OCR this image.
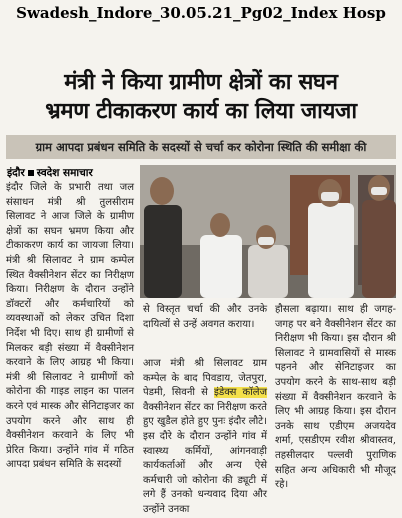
Swadesh_Indore_30.05.21_Pg02_Index Hosp
मंत्री ने किया ग्रामीण क्षेत्रों का सघन
भ्रमण टीकाकरण कार्य का लिया जायजा
ग्राम आपदा प्रबंधन समिति के सदस्यों से चर्चा कर कोरोना स्थिति की समीक्षा की
इंदौर स्वदेश समाचार
इंदौर जिले के प्रभारी तथा जल संसाधन मंत्री श्री तुलसीराम सिलावट ने आज जिले के ग्रामीण क्षेत्रों का सघन भ्रमण किया और टीकाकरण कार्य का जायजा लिया। मंत्री श्री सिलावट ने ग्राम कम्पेल स्थित वैक्सीनेशन सेंटर का निरीक्षण किया। निरीक्षण के दौरान उन्होंने डॉक्टरों और कर्मचारियों को व्यवस्थाओं को लेकर उचित दिशा निर्देश भी दिए। साथ ही ग्रामीणों से मिलकर बड़ी संख्या में वैक्सीनेशन करवाने के लिए आग्रह भी किया। मंत्री श्री सिलावट ने ग्रामीणों को कोरोना की गाइड लाइन का पालन करने एवं मास्क और सेनिटाइजर का उपयोग करने और साथ ही वैक्सीनेशन करवाने के लिए भी प्रेरित किया। उन्होंने गांव में गठित आपदा प्रबंधन समिति के सदस्यों
से विस्तृत चर्चा की और उनके दायित्वों से उन्हें अवगत कराया।
आज मंत्री श्री सिलावट ग्राम कम्पेल के बाद पिवडाय, जेतपुरा, पेडमी, सिवनी से इंडेक्स कॉलेज वैक्सीनेशन सेंटर का निरीक्षण करते हुए खुडैल होते हुए पुनः इंदौर लौटे। इस दौरे के दौरान उन्होंने गांव में स्वास्थ्य कर्मियों, आंगनवाड़ी कार्यकर्ताओं और अन्य ऐसे कर्मचारी जो कोरोना की ड्यूटी में लगे हैं उनको धन्यवाद दिया और उन्होंने उनका
हौसला बढ़ाया। साथ ही जगह-जगह पर बने वैक्सीनेशन सेंटर का निरीक्षण भी किया। इस दौरान श्री सिलावट ने ग्रामवासियों से मास्क पहनने और सेनिटाइजर का उपयोग करने के साथ-साथ बड़ी संख्या में वैक्सीनेशन करवाने के लिए भी आग्रह किया। इस दौरान उनके साथ एडीएम अजयदेव शर्मा, एसडीएम रवीश श्रीवास्तव, तहसीलदार पल्लवी पुराणिक सहित अन्य अधिकारी भी मौजूद रहे।
